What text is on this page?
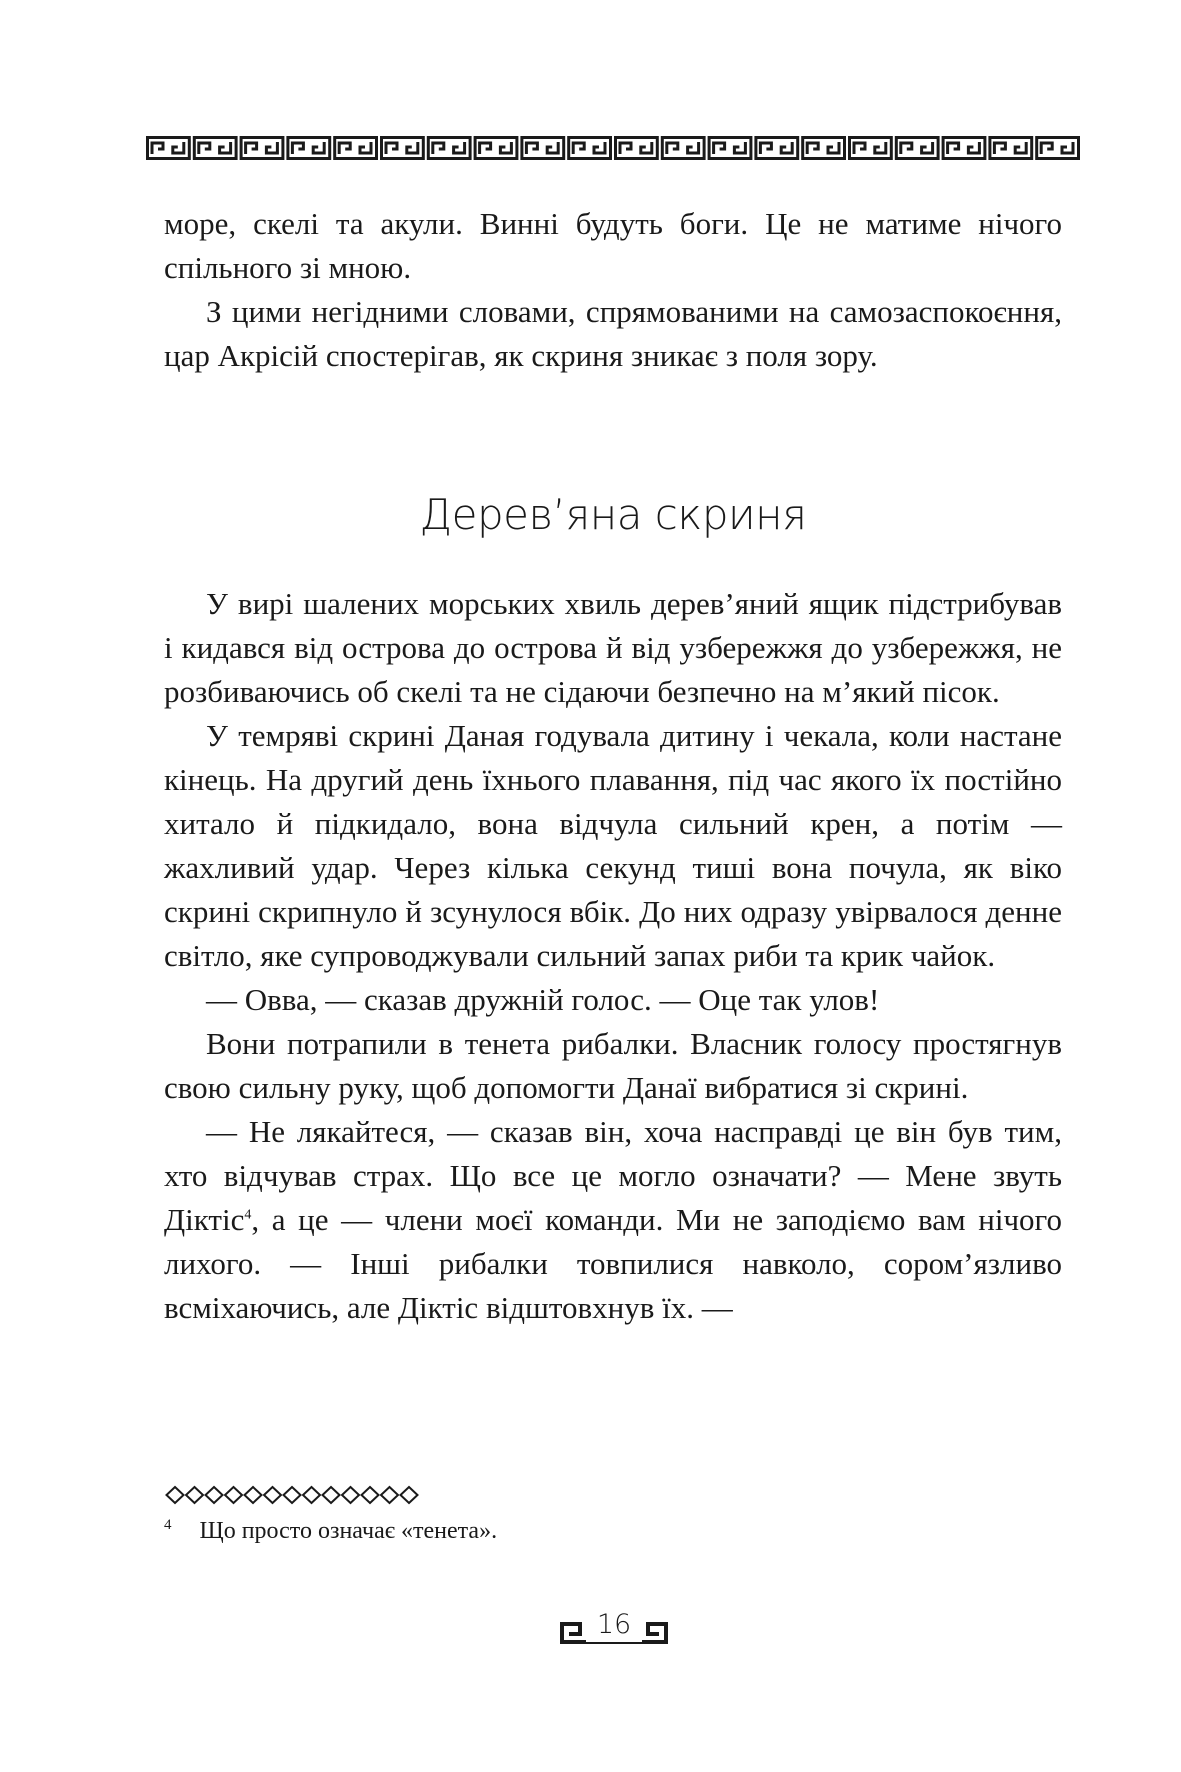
море, скелі та акули. Винні будуть боги. Це не матиме нічого спільного зі мною.

З цими негідними словами, спрямованими на самозаспокоєння, цар Акрісій спостерігав, як скриня зникає з поля зору.

Дерев’яна скриня

У вирі шалених морських хвиль дерев’яний ящик підстрибував і кидався від острова до острова й від узбережжя до узбережжя, не розбиваючись об скелі та не сідаючи безпечно на м’який пісок.

У темряві скрині Даная годувала дитину і чекала, коли настане кінець. На другий день їхнього плавання, під час якого їх постійно хитало й підкидало, вона відчула сильний крен, а потім — жахливий удар. Через кілька секунд тиші вона почула, як віко скрині скрипнуло й зсунулося вбік. До них одразу увірвалося денне світло, яке супроводжували сильний запах риби та крик чайок.

— Овва, — сказав дружній голос. — Оце так улов!

Вони потрапили в тенета рибалки. Власник голосу простягнув свою сильну руку, щоб допомогти Данаї вибратися зі скрині.

— Не лякайтеся, — сказав він, хоча насправді це він був тим, хто відчував страх. Що все це могло означати? — Мене звуть Діктіс$^4$, а це — члени моєї команди. Ми не заподіємо вам нічого лихого. — Інші рибалки товпилися навколо, сором’язливо всміхаючись, але Діктіс відштовхнув їх. —

$^4$ Що просто означає «тенета».
16
